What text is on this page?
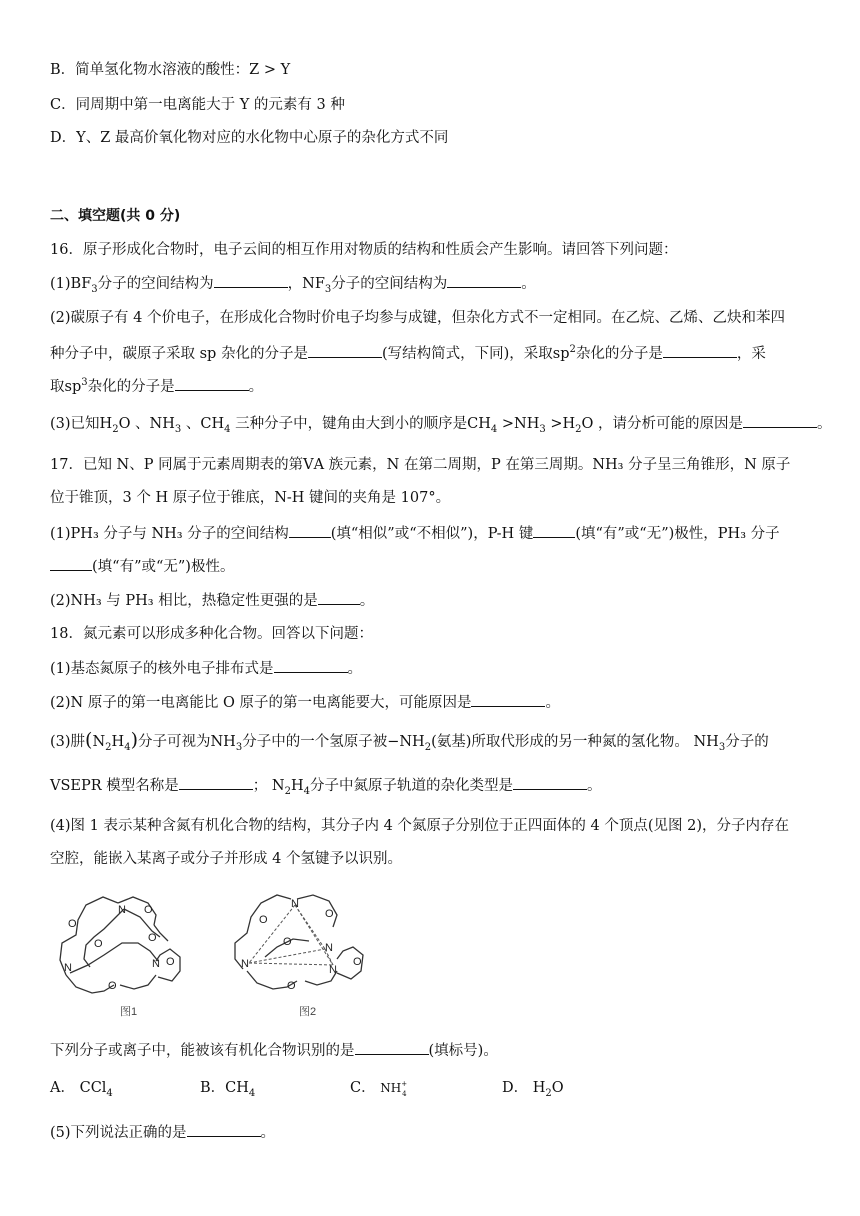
B．简单氢化物水溶液的酸性：Z > Y
C．同周期中第一电离能大于 Y 的元素有 3 种
D．Y、Z 最高价氧化物对应的水化物中心原子的杂化方式不同
二、填空题(共 0 分)
16．原子形成化合物时，电子云间的相互作用对物质的结构和性质会产生影响。请回答下列问题：
$(1)BF_3$分子的空间结构为	，$NF_3$分子的空间结构为	。
(2)碳原子有 4 个价电子，在形成化合物时价电子均参与成键，但杂化方式不一定相同。在乙烷、乙烯、乙炔和苯四
种分子中，碳原子采取 sp 杂化的分子是	(写结构简式，下同)，采取$sp^2$杂化的分子是	，采
取$sp^3$杂化的分子是	。
(3)已知$H_2O$ 、$NH_3$ 、$CH_4$ 三种分子中，键角由大到小的顺序是$CH_4 >NH_3 >H_2O$ ，请分析可能的原因是	。
17．已知 N、P 同属于元素周期表的第ⅤA 族元素，N 在第二周期，P 在第三周期。NH₃ 分子呈三角锥形，N 原子
位于锥顶，3 个 H 原子位于锥底，N-H 键间的夹角是 107°。
(1)PH₃ 分子与 NH₃ 分子的空间结构	(填“相似”或“不相似”)，P-H 键	(填“有”或“无”)极性，PH₃ 分子
(填“有”或“无”)极性。
(2)NH₃ 与 PH₃ 相比，热稳定性更强的是	。
18．氮元素可以形成多种化合物。回答以下问题：
(1)基态氮原子的核外电子排布式是	。
(2)N 原子的第一电离能比 O 原子的第一电离能要大，可能原因是	。
(3)肼$(N_2H_4)$分子可视为$NH_3$分子中的一个氢原子被$-NH_2$(氨基)所取代形成的另一种氮的氢化物。 $NH_3$分子的
VSEPR 模型名称是	； $N_2H_4$分子中氮原子轨道的杂化类型是	。
(4)图 1 表示某种含氮有机化合物的结构，其分子内 4 个氮原子分别位于正四面体的 4 个顶点(见图 2)，分子内存在
空腔，能嵌入某离子或分子并形成 4 个氢键予以识别。
N
O
O
O
O
N	N O
O
图1
N
N
N
N
O	O
O
O
O
图2
下列分子或离子中，能被该有机化合物识别的是	(填标号)。
A． CCl$_4$	B．$CH_4$	C． $NH^+_4$	D． $H_2O$
(5)下列说法正确的是	。
